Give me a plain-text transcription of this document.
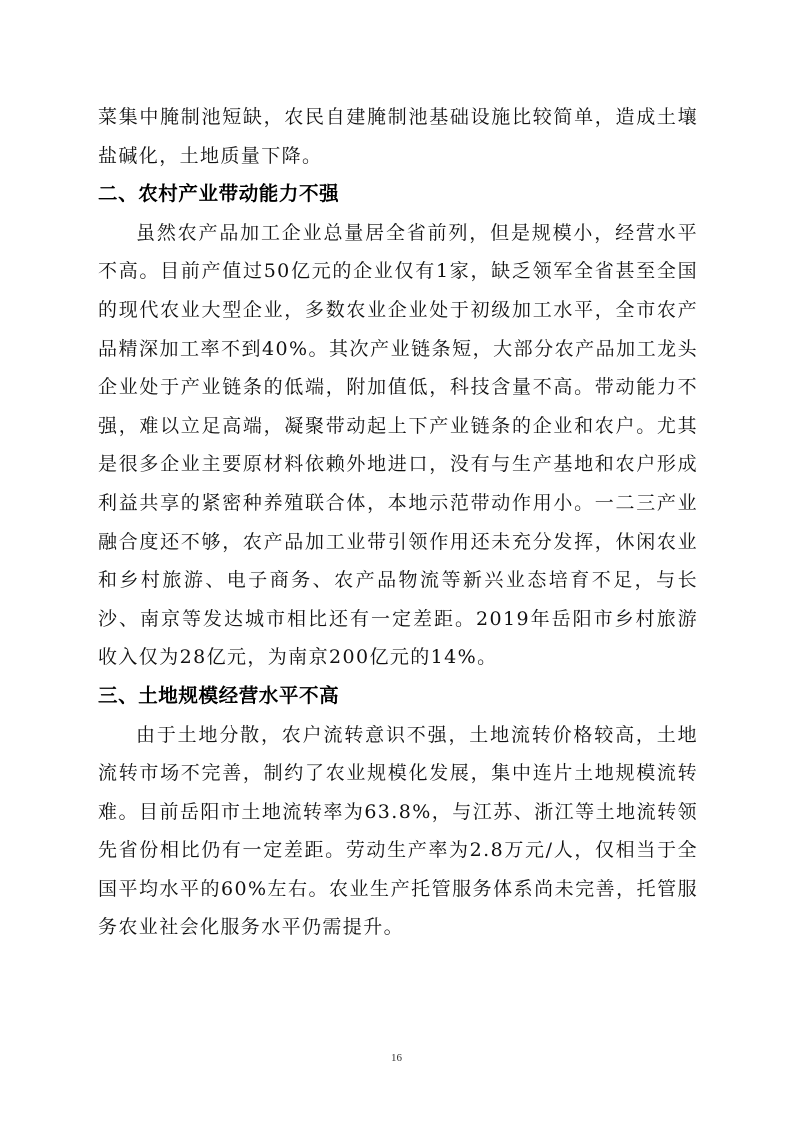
菜集中腌制池短缺，农民自建腌制池基础设施比较简单，造成土壤盐碱化，土地质量下降。

二、农村产业带动能力不强

虽然农产品加工企业总量居全省前列，但是规模小，经营水平不高。目前产值过50亿元的企业仅有1家，缺乏领军全省甚至全国的现代农业大型企业，多数农业企业处于初级加工水平，全市农产品精深加工率不到40%。其次产业链条短，大部分农产品加工龙头企业处于产业链条的低端，附加值低，科技含量不高。带动能力不强，难以立足高端，凝聚带动起上下产业链条的企业和农户。尤其是很多企业主要原材料依赖外地进口，没有与生产基地和农户形成利益共享的紧密种养殖联合体，本地示范带动作用小。一二三产业融合度还不够，农产品加工业带引领作用还未充分发挥，休闲农业和乡村旅游、电子商务、农产品物流等新兴业态培育不足，与长沙、南京等发达城市相比还有一定差距。2019年岳阳市乡村旅游收入仅为28亿元，为南京200亿元的14%。

三、土地规模经营水平不高

由于土地分散，农户流转意识不强，土地流转价格较高，土地流转市场不完善，制约了农业规模化发展，集中连片土地规模流转难。目前岳阳市土地流转率为63.8%，与江苏、浙江等土地流转领先省份相比仍有一定差距。劳动生产率为2.8万元/人，仅相当于全国平均水平的60%左右。农业生产托管服务体系尚未完善，托管服务农业社会化服务水平仍需提升。

16
